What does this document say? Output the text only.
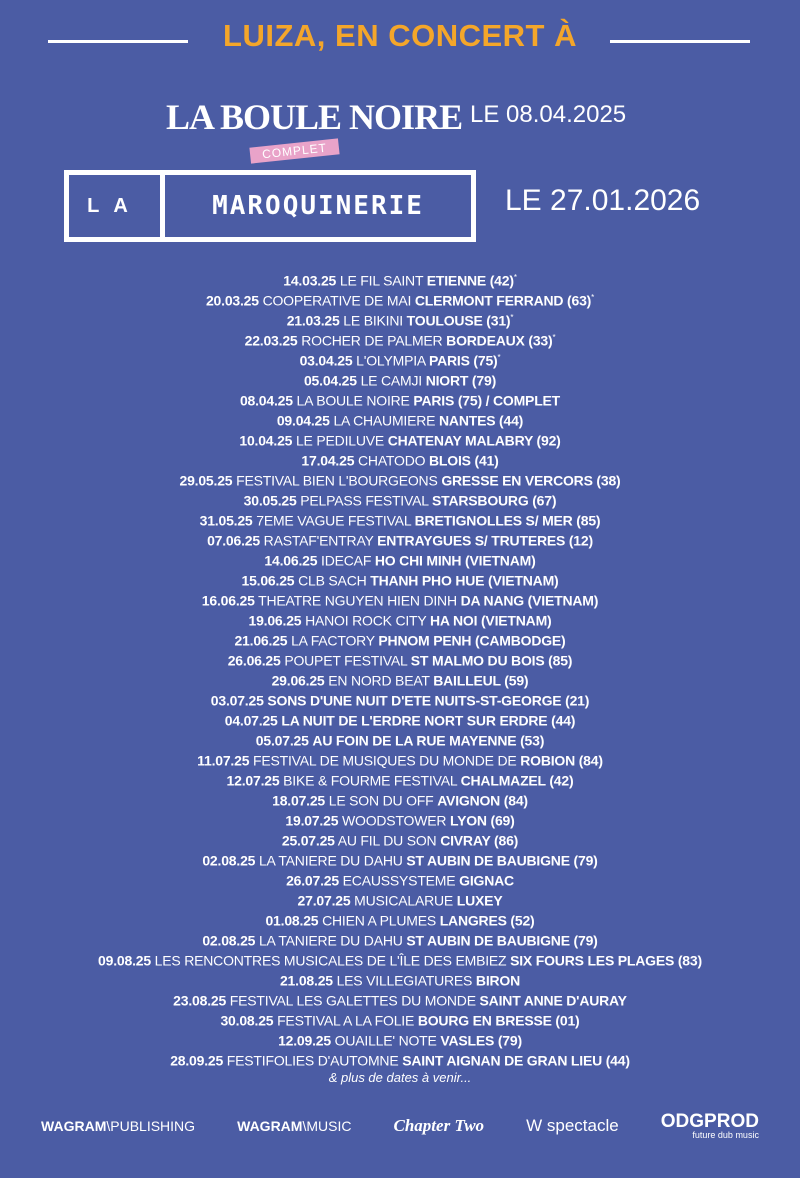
LUIZA, EN CONCERT À
LA BOULE NOIRE
COMPLET
LE 08.04.2025
LA	MAROQUINERIE	LE 27.01.2026
14.03.25 LE FIL SAINT ETIENNE (42)*
20.03.25 COOPERATIVE DE MAI CLERMONT FERRAND (63)*
21.03.25 LE BIKINI TOULOUSE (31)*
22.03.25 ROCHER DE PALMER BORDEAUX (33)*
03.04.25 L'OLYMPIA PARIS (75)*
05.04.25 LE CAMJI NIORT (79)
08.04.25 LA BOULE NOIRE PARIS (75) / COMPLET
09.04.25 LA CHAUMIERE NANTES (44)
10.04.25 LE PEDILUVE CHATENAY MALABRY (92)
17.04.25 CHATODO BLOIS (41)
29.05.25 FESTIVAL BIEN L'BOURGEONS GRESSE EN VERCORS (38)
30.05.25 PELPASS FESTIVAL STARSBOURG (67)
31.05.25 7EME VAGUE FESTIVAL BRETIGNOLLES S/ MER (85)
07.06.25 RASTAF'ENTRAY ENTRAYGUES S/ TRUTERES (12)
14.06.25 IDECAF HO CHI MINH (VIETNAM)
15.06.25 CLB SACH THANH PHO HUE (VIETNAM)
16.06.25 THEATRE NGUYEN HIEN DINH DA NANG (VIETNAM)
19.06.25 HANOI ROCK CITY HA NOI (VIETNAM)
21.06.25 LA FACTORY PHNOM PENH (CAMBODGE)
26.06.25 POUPET FESTIVAL ST MALMO DU BOIS (85)
29.06.25 EN NORD BEAT BAILLEUL (59)
03.07.25 SONS D'UNE NUIT D'ETE NUITS-ST-GEORGE (21)
04.07.25 LA NUIT DE L'ERDRE NORT SUR ERDRE (44)
05.07.25 AU FOIN DE LA RUE MAYENNE (53)
11.07.25 FESTIVAL DE MUSIQUES DU MONDE DE ROBION (84)
12.07.25 BIKE & FOURME FESTIVAL CHALMAZEL (42)
18.07.25 LE SON DU OFF AVIGNON (84)
19.07.25 WOODSTOWER LYON (69)
25.07.25 AU FIL DU SON CIVRAY (86)
02.08.25 LA TANIERE DU DAHU ST AUBIN DE BAUBIGNE (79)
26.07.25 ECAUSSYSTEME GIGNAC
27.07.25 MUSICALARUE LUXEY
01.08.25 CHIEN A PLUMES LANGRES (52)
02.08.25 LA TANIERE DU DAHU ST AUBIN DE BAUBIGNE (79)
09.08.25 LES RENCONTRES MUSICALES DE L'ÎLE DES EMBIEZ SIX FOURS LES PLAGES (83)
21.08.25 LES VILLEGIATURES BIRON
23.08.25 FESTIVAL LES GALETTES DU MONDE SAINT ANNE D'AURAY
30.08.25 FESTIVAL A LA FOLIE BOURG EN BRESSE (01)
12.09.25 OUAILLE' NOTE VASLES (79)
28.09.25 FESTIFOLIES D'AUTOMNE SAINT AIGNAN DE GRAN LIEU (44)
& plus de dates à venir...
WAGRAM\PUBLISHING	WAGRAM\MUSIC Chapter Two W spectacle ODGPROD
future dub music
